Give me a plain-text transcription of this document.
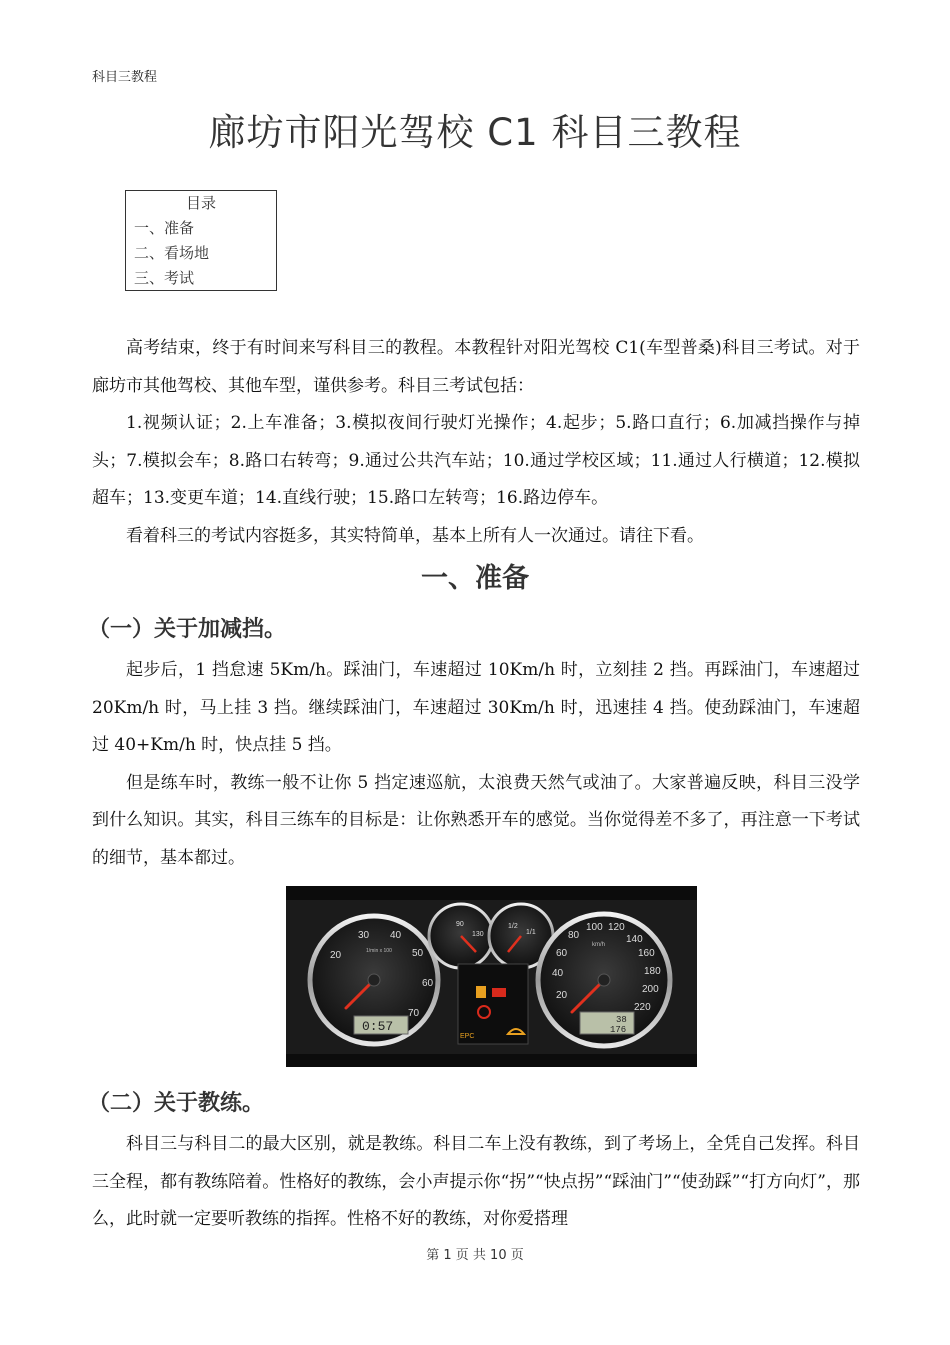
科目三教程
廊坊市阳光驾校 C1 科目三教程
目录
一、准备
二、看场地
三、考试

高考结束，终于有时间来写科目三的教程。本教程针对阳光驾校 C1(车型普桑)科目三考试。对于廊坊市其他驾校、其他车型，谨供参考。科目三考试包括：

1.视频认证；2.上车准备；3.模拟夜间行驶灯光操作；4.起步；5.路口直行；6.加减挡操作与掉头；7.模拟会车；8.路口右转弯；9.通过公共汽车站；10.通过学校区域；11.通过人行横道；12.模拟超车；13.变更车道；14.直线行驶；15.路口左转弯；16.路边停车。

看着科三的考试内容挺多，其实特简单，基本上所有人一次通过。请往下看。

一、准备
（一）关于加减挡。

起步后，1 挡怠速 5Km/h。踩油门，车速超过 10Km/h 时，立刻挂 2 挡。再踩油门，车速超过 20Km/h 时，马上挂 3 挡。继续踩油门，车速超过 30Km/h 时，迅速挂 4 挡。使劲踩油门，车速超过 40+Km/h 时，快点挂 5 挡。

但是练车时，教练一般不让你 5 挡定速巡航，太浪费天然气或油了。大家普遍反映，科目三没学到什么知识。其实，科目三练车的目标是：让你熟悉开车的感觉。当你觉得差不多了，再注意一下考试的细节，基本都过。

20
30 40
50
60
70
1/min x 100
0:57
90
130
1/2
1/1
EPC
20
40
60
80
100 120
140
160
180
200
220
km/h
38
176
（二）关于教练。

科目三与科目二的最大区别，就是教练。科目二车上没有教练，到了考场上，全凭自己发挥。科目三全程，都有教练陪着。性格好的教练，会小声提示你“拐”“快点拐”“踩油门”“使劲踩”“打方向灯”，那么，此时就一定要听教练的指挥。性格不好的教练，对你爱搭理

第 1 页 共 10 页
